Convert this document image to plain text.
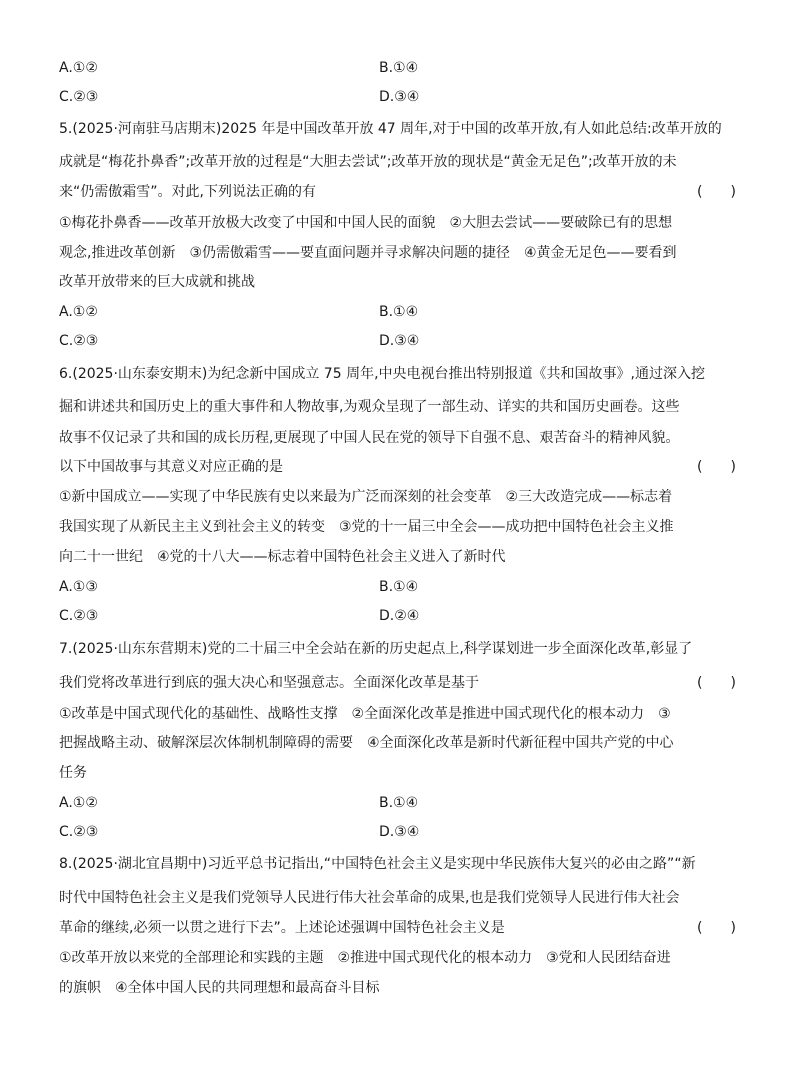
A.①②	B.①④
C.②③	D.③④
5.(2025·河南驻马店期末)2025 年是中国改革开放 47 周年,对于中国的改革开放,有人如此总结:改革开放的
成就是“梅花扑鼻香”;改革开放的过程是“大胆去尝试”;改革开放的现状是“黄金无足色”;改革开放的未
来“仍需傲霜雪”。对此,下列说法正确的有	(　　)
①梅花扑鼻香——改革开放极大改变了中国和中国人民的面貌　②大胆去尝试——要破除已有的思想
观念,推进改革创新　③仍需傲霜雪——要直面问题并寻求解决问题的捷径　④黄金无足色——要看到
改革开放带来的巨大成就和挑战
A.①②	B.①④
C.②③	D.③④
6.(2025·山东泰安期末)为纪念新中国成立 75 周年,中央电视台推出特别报道《共和国故事》,通过深入挖
掘和讲述共和国历史上的重大事件和人物故事,为观众呈现了一部生动、详实的共和国历史画卷。这些
故事不仅记录了共和国的成长历程,更展现了中国人民在党的领导下自强不息、艰苦奋斗的精神风貌。
以下中国故事与其意义对应正确的是	(　　)
①新中国成立——实现了中华民族有史以来最为广泛而深刻的社会变革　②三大改造完成——标志着
我国实现了从新民主主义到社会主义的转变　③党的十一届三中全会——成功把中国特色社会主义推
向二十一世纪　④党的十八大——标志着中国特色社会主义进入了新时代
A.①③	B.①④
C.②③	D.②④
7.(2025·山东东营期末)党的二十届三中全会站在新的历史起点上,科学谋划进一步全面深化改革,彰显了
我们党将改革进行到底的强大决心和坚强意志。全面深化改革是基于	(　　)
①改革是中国式现代化的基础性、战略性支撑　②全面深化改革是推进中国式现代化的根本动力　③
把握战略主动、破解深层次体制机制障碍的需要　④全面深化改革是新时代新征程中国共产党的中心
任务
A.①②	B.①④
C.②③	D.③④
8.(2025·湖北宜昌期中)习近平总书记指出,“中国特色社会主义是实现中华民族伟大复兴的必由之路”“新
时代中国特色社会主义是我们党领导人民进行伟大社会革命的成果,也是我们党领导人民进行伟大社会
革命的继续,必须一以贯之进行下去”。上述论述强调中国特色社会主义是	(　　)
①改革开放以来党的全部理论和实践的主题　②推进中国式现代化的根本动力　③党和人民团结奋进
的旗帜　④全体中国人民的共同理想和最高奋斗目标
